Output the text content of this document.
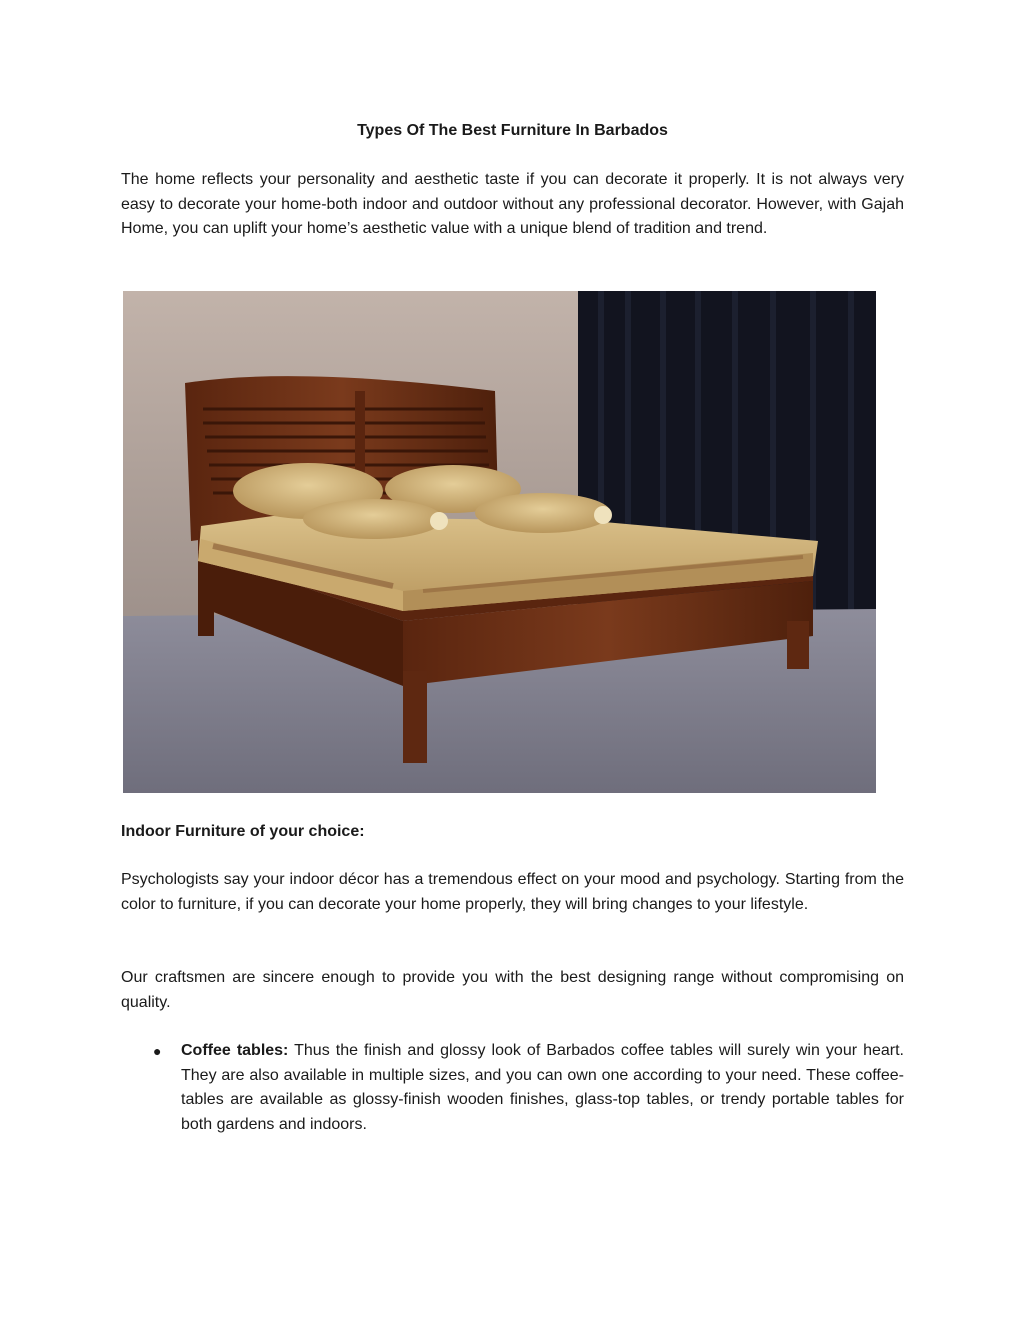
Types Of The Best Furniture In Barbados

The home reflects your personality and aesthetic taste if you can decorate it properly. It is not always very easy to decorate your home-both indoor and outdoor without any professional decorator. However, with Gajah Home, you can uplift your home’s aesthetic value with a unique blend of tradition and trend.

Indoor Furniture of your choice:

Psychologists say your indoor décor has a tremendous effect on your mood and psychology. Starting from the color to furniture, if you can decorate your home properly, they will bring changes to your lifestyle.

Our craftsmen are sincere enough to provide you with the best designing range without compromising on quality.

● Coffee tables: Thus the finish and glossy look of Barbados coffee tables will surely win your heart. They are also available in multiple sizes, and you can own one according to your need. These coffee-tables are available as glossy-finish wooden finishes, glass-top tables, or trendy portable tables for both gardens and indoors.
